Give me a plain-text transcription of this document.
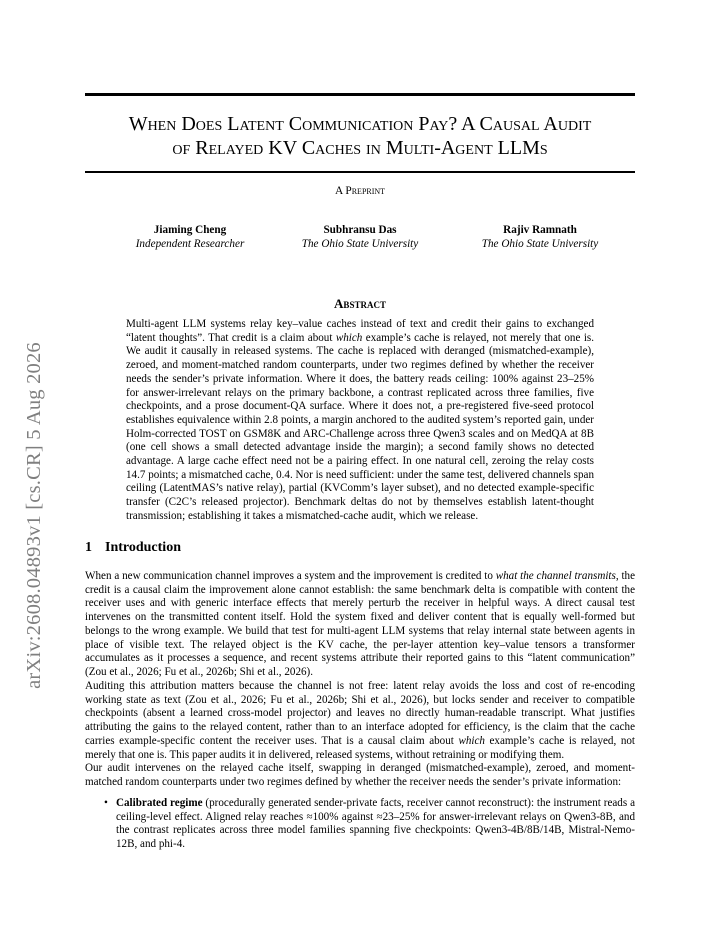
arXiv:2608.04893v1 [cs.CR] 5 Aug 2026
When Does Latent Communication Pay? A Causal Audit
of Relayed KV Caches in Multi-Agent LLMs
A Preprint
Jiaming Cheng
Independent Researcher
Subhransu Das
The Ohio State University
Rajiv Ramnath
The Ohio State University
Abstract
Multi-agent LLM systems relay key–value caches instead of text and credit their gains to exchanged “latent thoughts”. That credit is a claim about which example’s cache is relayed, not merely that one is. We audit it causally in released systems. The cache is replaced with deranged (mismatched-example), zeroed, and moment-matched random counterparts, under two regimes defined by whether the receiver needs the sender’s private information. Where it does, the battery reads ceiling: 100% against 23–25% for answer-irrelevant relays on the primary backbone, a contrast replicated across three families, five checkpoints, and a prose document-QA surface. Where it does not, a pre-registered five-seed protocol establishes equivalence within 2.8 points, a margin anchored to the audited system’s reported gain, under Holm-corrected TOST on GSM8K and ARC-Challenge across three Qwen3 scales and on MedQA at 8B (one cell shows a small detected advantage inside the margin); a second family shows no detected advantage. A large cache effect need not be a pairing effect. In one natural cell, zeroing the relay costs 14.7 points; a mismatched cache, 0.4. Nor is need sufficient: under the same test, delivered channels span ceiling (LatentMAS’s native relay), partial (KVComm’s layer subset), and no detected example-specific transfer (C2C’s released projector). Benchmark deltas do not by themselves establish latent-thought transmission; establishing it takes a mismatched-cache audit, which we release.
1 Introduction

When a new communication channel improves a system and the improvement is credited to what the channel transmits, the credit is a causal claim the improvement alone cannot establish: the same benchmark delta is compatible with content the receiver uses and with generic interface effects that merely perturb the receiver in helpful ways. A direct causal test intervenes on the transmitted content itself. Hold the system fixed and deliver content that is equally well-formed but belongs to the wrong example. We build that test for multi-agent LLM systems that relay internal state between agents in place of visible text. The relayed object is the KV cache, the per-layer attention key–value tensors a transformer accumulates as it processes a sequence, and recent systems attribute their reported gains to this “latent communication” (Zou et al., 2026; Fu et al., 2026b; Shi et al., 2026).

Auditing this attribution matters because the channel is not free: latent relay avoids the loss and cost of re-encoding working state as text (Zou et al., 2026; Fu et al., 2026b; Shi et al., 2026), but locks sender and receiver to compatible checkpoints (absent a learned cross-model projector) and leaves no directly human-readable transcript. What justifies attributing the gains to the relayed content, rather than to an interface adopted for efficiency, is the claim that the cache carries example-specific content the receiver uses. That is a causal claim about which example’s cache is relayed, not merely that one is. This paper audits it in delivered, released systems, without retraining or modifying them.

Our audit intervenes on the relayed cache itself, swapping in deranged (mismatched-example), zeroed, and moment-matched random counterparts under two regimes defined by whether the receiver needs the sender’s private information:

• Calibrated regime (procedurally generated sender-private facts, receiver cannot reconstruct): the instrument reads a ceiling-level effect. Aligned relay reaches ≈100% against ≈23–25% for answer-irrelevant relays on Qwen3-8B, and the contrast replicates across three model families spanning five checkpoints: Qwen3-4B/8B/14B, Mistral-Nemo-12B, and phi-4.
